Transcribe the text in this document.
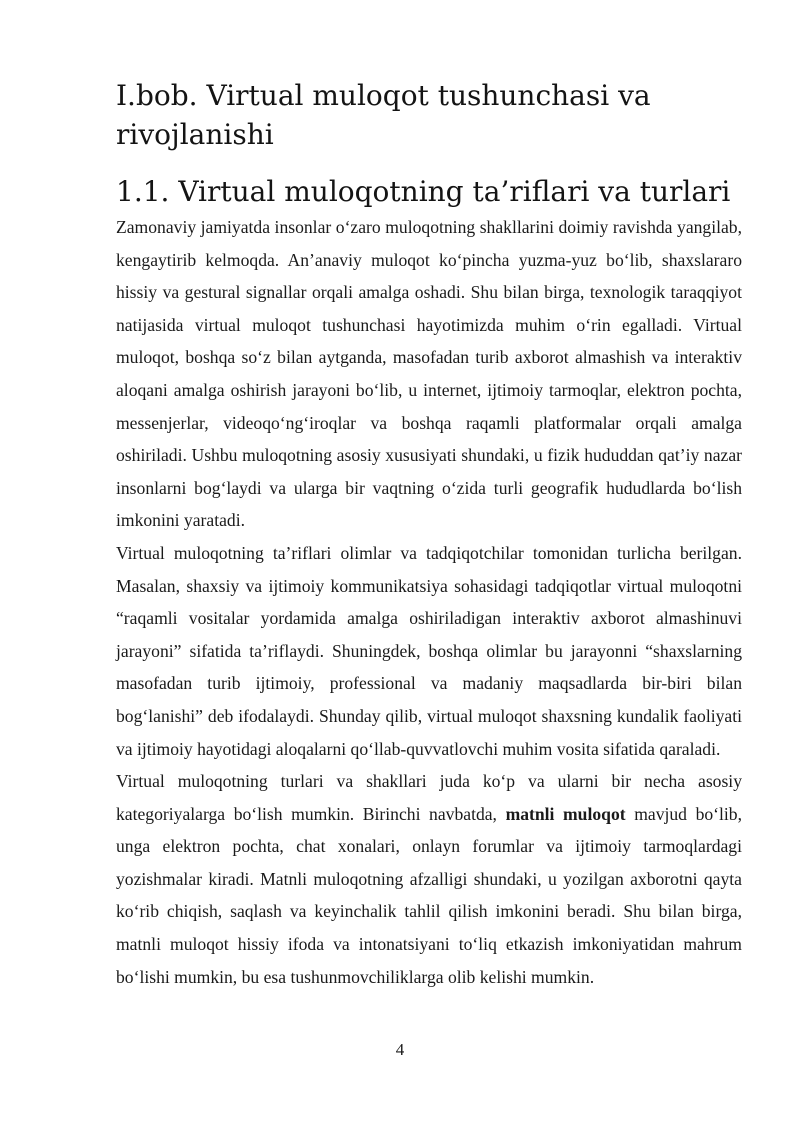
I.bob. Virtual muloqot tushunchasi va rivojlanishi
1.1. Virtual muloqotning ta’riflari va turlari

Zamonaviy jamiyatda insonlar o‘zaro muloqotning shakllarini doimiy ravishda yangilab, kengaytirib kelmoqda. An’anaviy muloqot ko‘pincha yuzma-yuz bo‘lib, shaxslararo hissiy va gestural signallar orqali amalga oshadi. Shu bilan birga, texnologik taraqqiyot natijasida virtual muloqot tushunchasi hayotimizda muhim o‘rin egalladi. Virtual muloqot, boshqa so‘z bilan aytganda, masofadan turib axborot almashish va interaktiv aloqani amalga oshirish jarayoni bo‘lib, u internet, ijtimoiy tarmoqlar, elektron pochta, messenjerlar, videoqo‘ng‘iroqlar va boshqa raqamli platformalar orqali amalga oshiriladi. Ushbu muloqotning asosiy xususiyati shundaki, u fizik hududdan qat’iy nazar insonlarni bog‘laydi va ularga bir vaqtning o‘zida turli geografik hududlarda bo‘lish imkonini yaratadi.

Virtual muloqotning ta’riflari olimlar va tadqiqotchilar tomonidan turlicha berilgan. Masalan, shaxsiy va ijtimoiy kommunikatsiya sohasidagi tadqiqotlar virtual muloqotni “raqamli vositalar yordamida amalga oshiriladigan interaktiv axborot almashinuvi jarayoni” sifatida ta’riflaydi. Shuningdek, boshqa olimlar bu jarayonni “shaxslarning masofadan turib ijtimoiy, professional va madaniy maqsadlarda bir-biri bilan bog‘lanishi” deb ifodalaydi. Shunday qilib, virtual muloqot shaxsning kundalik faoliyati va ijtimoiy hayotidagi aloqalarni qo‘llab-quvvatlovchi muhim vosita sifatida qaraladi.

Virtual muloqotning turlari va shakllari juda ko‘p va ularni bir necha asosiy kategoriyalarga bo‘lish mumkin. Birinchi navbatda, matnli muloqot mavjud bo‘lib, unga elektron pochta, chat xonalari, onlayn forumlar va ijtimoiy tarmoqlardagi yozishmalar kiradi. Matnli muloqotning afzalligi shundaki, u yozilgan axborotni qayta ko‘rib chiqish, saqlash va keyinchalik tahlil qilish imkonini beradi. Shu bilan birga, matnli muloqot hissiy ifoda va intonatsiyani to‘liq etkazish imkoniyatidan mahrum bo‘lishi mumkin, bu esa tushunmovchiliklarga olib kelishi mumkin.

4
